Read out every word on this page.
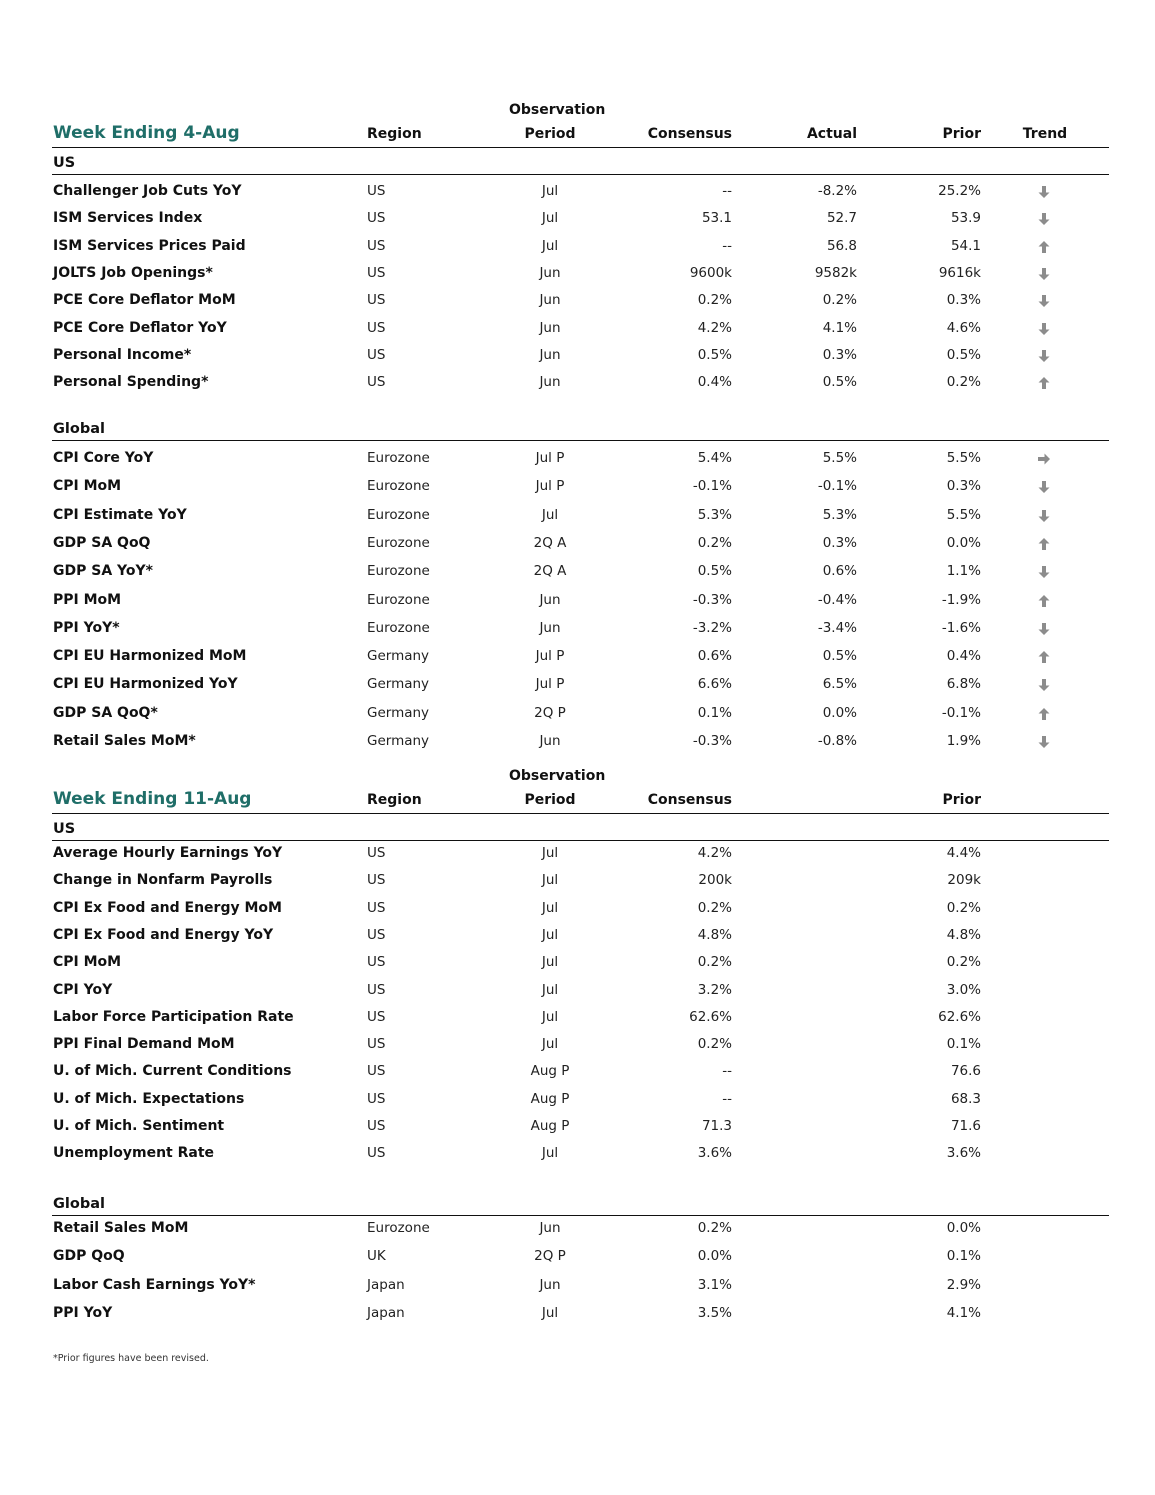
Observation
Week Ending 4-Aug	Region	Period	Consensus	Actual	Prior	Trend
US
Challenger Job Cuts YoY	US	Jul	--	-8.2%	25.2%
ISM Services Index	US	Jul	53.1	52.7	53.9
ISM Services Prices Paid	US	Jul	--	56.8	54.1
JOLTS Job Openings*	US	Jun	9600k	9582k	9616k
PCE Core Deflator MoM	US	Jun	0.2%	0.2%	0.3%
PCE Core Deflator YoY	US	Jun	4.2%	4.1%	4.6%
Personal Income*	US	Jun	0.5%	0.3%	0.5%
Personal Spending*	US	Jun	0.4%	0.5%	0.2%
Global
CPI Core YoY	Eurozone	Jul P	5.4%	5.5%	5.5%
CPI MoM	Eurozone	Jul P	-0.1%	-0.1%	0.3%
CPI Estimate YoY	Eurozone	Jul	5.3%	5.3%	5.5%
GDP SA QoQ	Eurozone	2Q A	0.2%	0.3%	0.0%
GDP SA YoY*	Eurozone	2Q A	0.5%	0.6%	1.1%
PPI MoM	Eurozone	Jun	-0.3%	-0.4%	-1.9%
PPI YoY*	Eurozone	Jun	-3.2%	-3.4%	-1.6%
CPI EU Harmonized MoM	Germany	Jul P	0.6%	0.5%	0.4%
CPI EU Harmonized YoY	Germany	Jul P	6.6%	6.5%	6.8%
GDP SA QoQ*	Germany	2Q P	0.1%	0.0%	-0.1%
Retail Sales MoM*	Germany	Jun	-0.3%	-0.8%	1.9%
Observation
Week Ending 11-Aug	Region	Period	Consensus	Prior
US
Average Hourly Earnings YoY	US	Jul	4.2%	4.4%
Change in Nonfarm Payrolls	US	Jul	200k	209k
CPI Ex Food and Energy MoM	US	Jul	0.2%	0.2%
CPI Ex Food and Energy YoY	US	Jul	4.8%	4.8%
CPI MoM	US	Jul	0.2%	0.2%
CPI YoY	US	Jul	3.2%	3.0%
Labor Force Participation Rate	US	Jul	62.6%	62.6%
PPI Final Demand MoM	US	Jul	0.2%	0.1%
U. of Mich. Current Conditions	US	Aug P	--	76.6
U. of Mich. Expectations	US	Aug P	--	68.3
U. of Mich. Sentiment	US	Aug P	71.3	71.6
Unemployment Rate	US	Jul	3.6%	3.6%
Global
Retail Sales MoM	Eurozone	Jun	0.2%	0.0%
GDP QoQ	UK	2Q P	0.0%	0.1%
Labor Cash Earnings YoY*	Japan	Jun	3.1%	2.9%
PPI YoY	Japan	Jul	3.5%	4.1%
*Prior figures have been revised.
